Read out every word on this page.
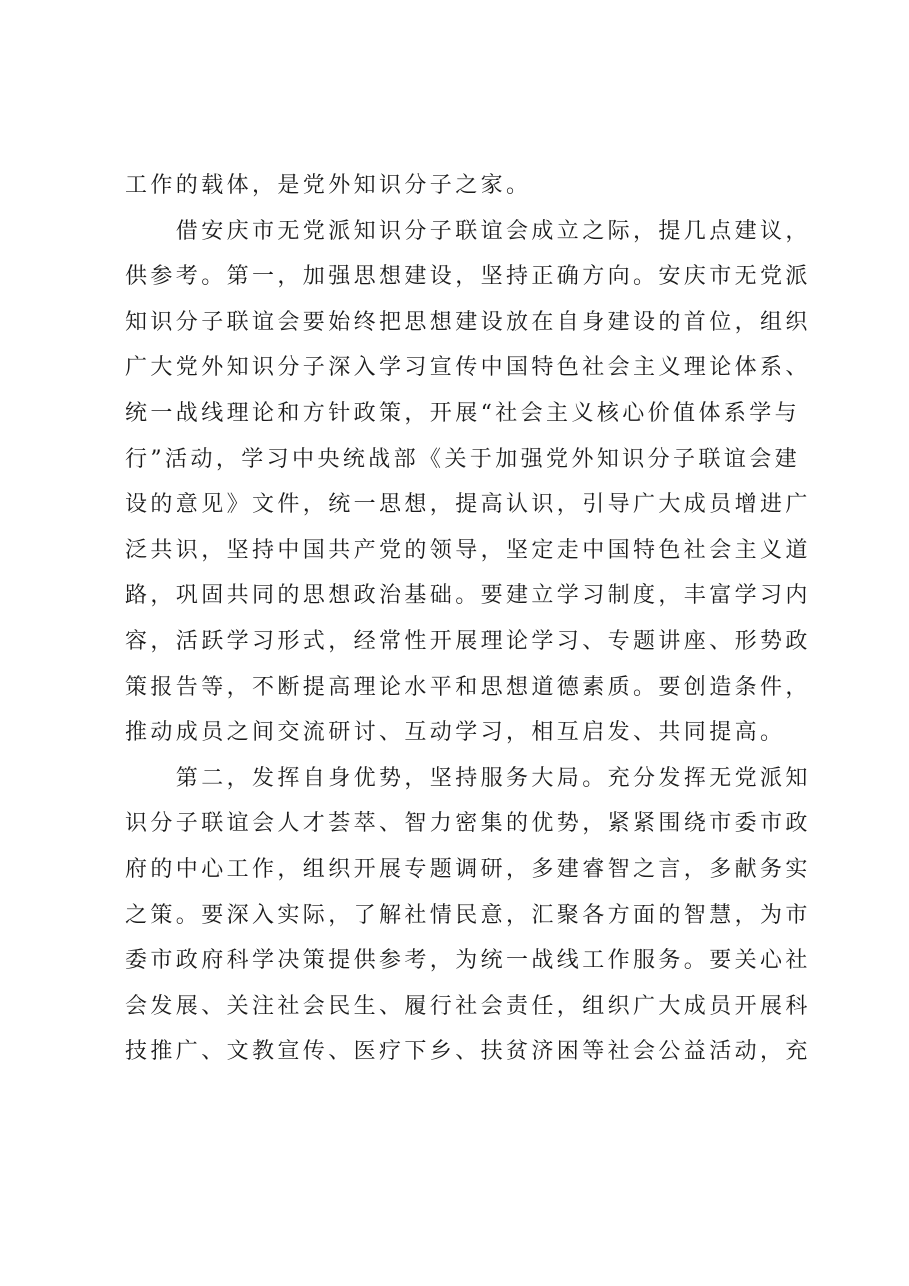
工作的载体，是党外知识分子之家。
　　借安庆市无党派知识分子联谊会成立之际，提几点建议，
供参考。第一，加强思想建设，坚持正确方向。安庆市无党派
知识分子联谊会要始终把思想建设放在自身建设的首位，组织
广大党外知识分子深入学习宣传中国特色社会主义理论体系、
统一战线理论和方针政策，开展“社会主义核心价值体系学与
行”活动，学习中央统战部《关于加强党外知识分子联谊会建
设的意见》文件，统一思想，提高认识，引导广大成员增进广
泛共识，坚持中国共产党的领导，坚定走中国特色社会主义道
路，巩固共同的思想政治基础。要建立学习制度，丰富学习内
容，活跃学习形式，经常性开展理论学习、专题讲座、形势政
策报告等，不断提高理论水平和思想道德素质。要创造条件，
推动成员之间交流研讨、互动学习，相互启发、共同提高。
　　第二，发挥自身优势，坚持服务大局。充分发挥无党派知
识分子联谊会人才荟萃、智力密集的优势，紧紧围绕市委市政
府的中心工作，组织开展专题调研，多建睿智之言，多献务实
之策。要深入实际，了解社情民意，汇聚各方面的智慧，为市
委市政府科学决策提供参考，为统一战线工作服务。要关心社
会发展、关注社会民生、履行社会责任，组织广大成员开展科
技推广、文教宣传、医疗下乡、扶贫济困等社会公益活动，充
